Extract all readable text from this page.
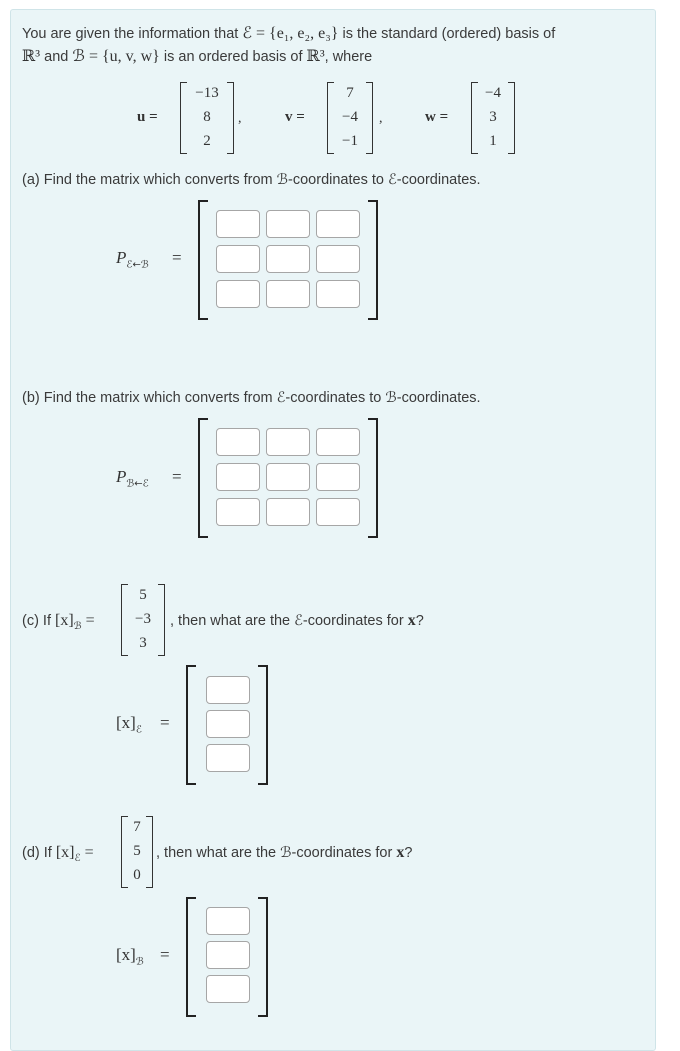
You are given the information that ℰ = {e₁, e₂, e₃} is the standard (ordered) basis of
ℝ³ and ℬ = {u, v, w} is an ordered basis of ℝ³, where
u =
−13
8
2
,	v =
7
−4
−1
,	w =
−4
3
1
(a) Find the matrix which converts from ℬ-coordinates to ℰ-coordinates.
$P_{ℰ\leftarrow ℬ}$ =
(b) Find the matrix which converts from ℰ-coordinates to ℬ-coordinates.
$P_{ℬ\leftarrow ℰ}$ =
(c) If $[x]_ℬ$ =
5
−3
3
, then what are the ℰ-coordinates for x?
$[x]_ℰ$ =
(d) If $[x]_ℰ$ =
7
5
0
, then what are the ℬ-coordinates for x?
$[x]_ℬ$ =
